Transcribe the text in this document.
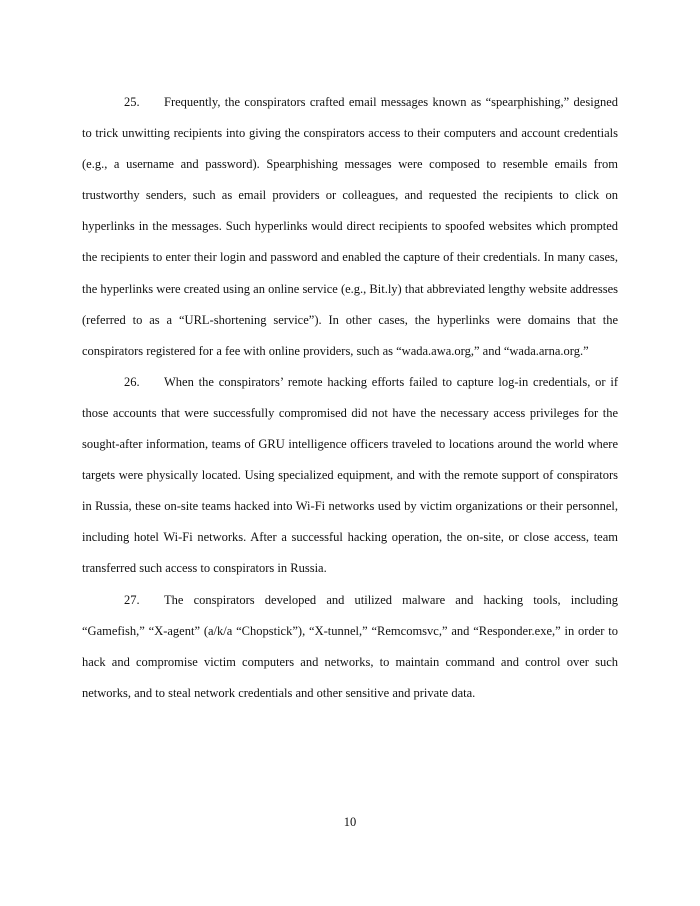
25. Frequently, the conspirators crafted email messages known as “spearphishing,” designed to trick unwitting recipients into giving the conspirators access to their computers and account credentials (e.g., a username and password). Spearphishing messages were composed to resemble emails from trustworthy senders, such as email providers or colleagues, and requested the recipients to click on hyperlinks in the messages. Such hyperlinks would direct recipients to spoofed websites which prompted the recipients to enter their login and password and enabled the capture of their credentials. In many cases, the hyperlinks were created using an online service (e.g., Bit.ly) that abbreviated lengthy website addresses (referred to as a “URL-shortening service”). In other cases, the hyperlinks were domains that the conspirators registered for a fee with online providers, such as “wada.awa.org,” and “wada.arna.org.”

26. When the conspirators’ remote hacking efforts failed to capture log-in credentials, or if those accounts that were successfully compromised did not have the necessary access privileges for the sought-after information, teams of GRU intelligence officers traveled to locations around the world where targets were physically located. Using specialized equipment, and with the remote support of conspirators in Russia, these on-site teams hacked into Wi-Fi networks used by victim organizations or their personnel, including hotel Wi-Fi networks. After a successful hacking operation, the on-site, or close access, team transferred such access to conspirators in Russia.

27. The conspirators developed and utilized malware and hacking tools, including “Gamefish,” “X-agent” (a/k/a “Chopstick”), “X-tunnel,” “Remcomsvc,” and “Responder.exe,” in order to hack and compromise victim computers and networks, to maintain command and control over such networks, and to steal network credentials and other sensitive and private data.

10
